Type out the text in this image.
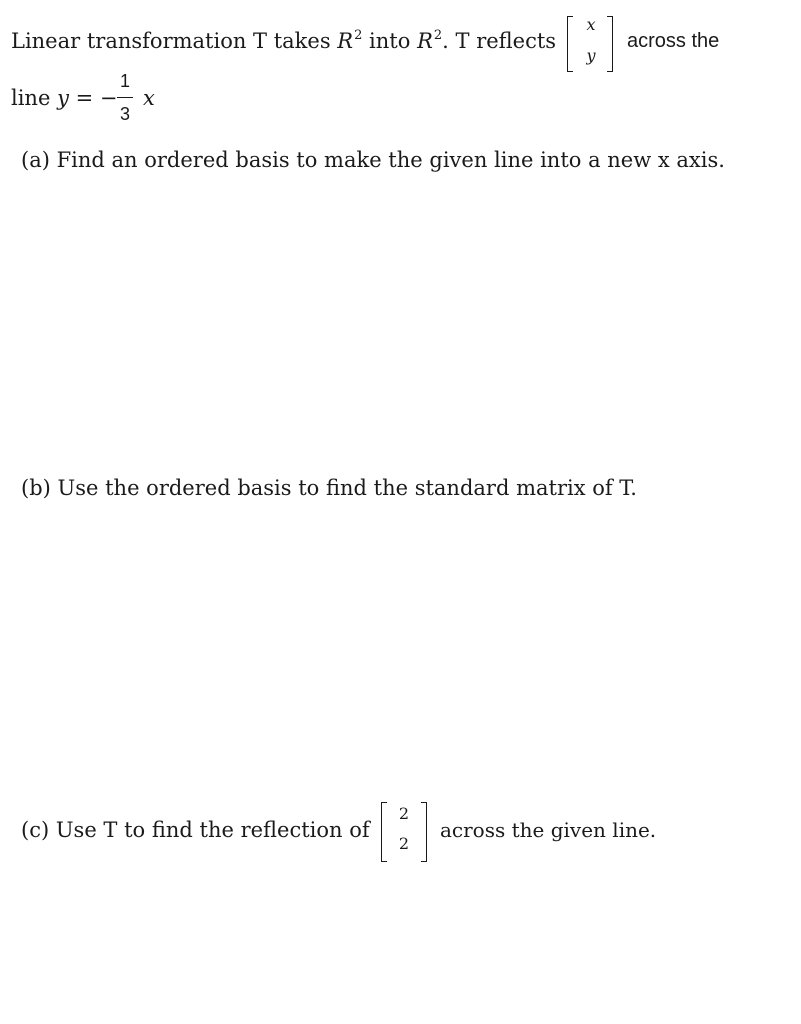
Linear transformation T takes $R^2$ into $R^2$. T reflects
x
y
across the
line y = −
1
3
x
(a) Find an ordered basis to make the given line into a new x axis.
(b) Use the ordered basis to find the standard matrix of T.
(c) Use T to find the reflection of
2
2
across the given line.
